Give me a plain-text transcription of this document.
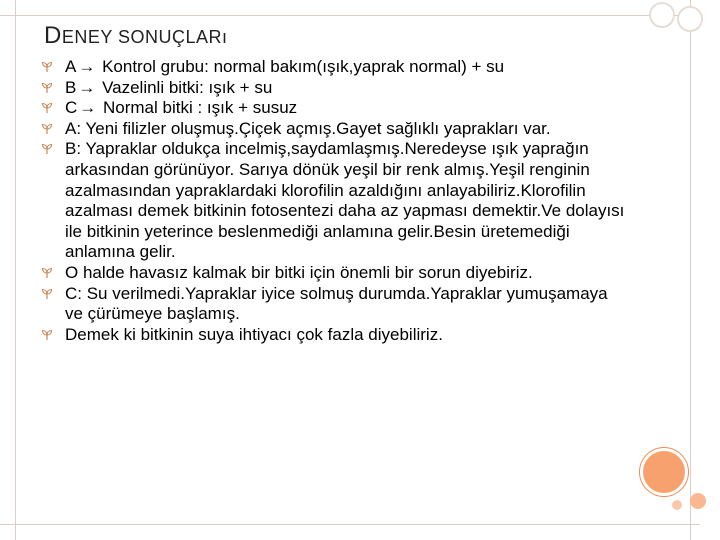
DENEY SONUÇLARı
A → Kontrol grubu: normal bakım(ışık,yaprak normal) + su
B → Vazelinli bitki: ışık + su
C → Normal bitki : ışık + susuz
A: Yeni filizler oluşmuş.Çiçek açmış.Gayet sağlıklı yaprakları var.
B: Yapraklar oldukça incelmiş,saydamlaşmış.Neredeyse ışık yaprağın arkasından görünüyor. Sarıya dönük yeşil bir renk almış.Yeşil renginin azalmasından yapraklardaki klorofilin azaldığını anlayabiliriz.Klorofilin azalması demek bitkinin fotosentezi daha az yapması demektir.Ve dolayısı ile bitkinin yeterince beslenmediği anlamına gelir.Besin üretemediği anlamına gelir.
O halde havasız kalmak bir bitki için önemli bir sorun diyebiriz.
C: Su verilmedi.Yapraklar iyice solmuş durumda.Yapraklar yumuşamaya ve çürümeye başlamış.
Demek ki bitkinin suya ihtiyacı çok fazla diyebiliriz.
